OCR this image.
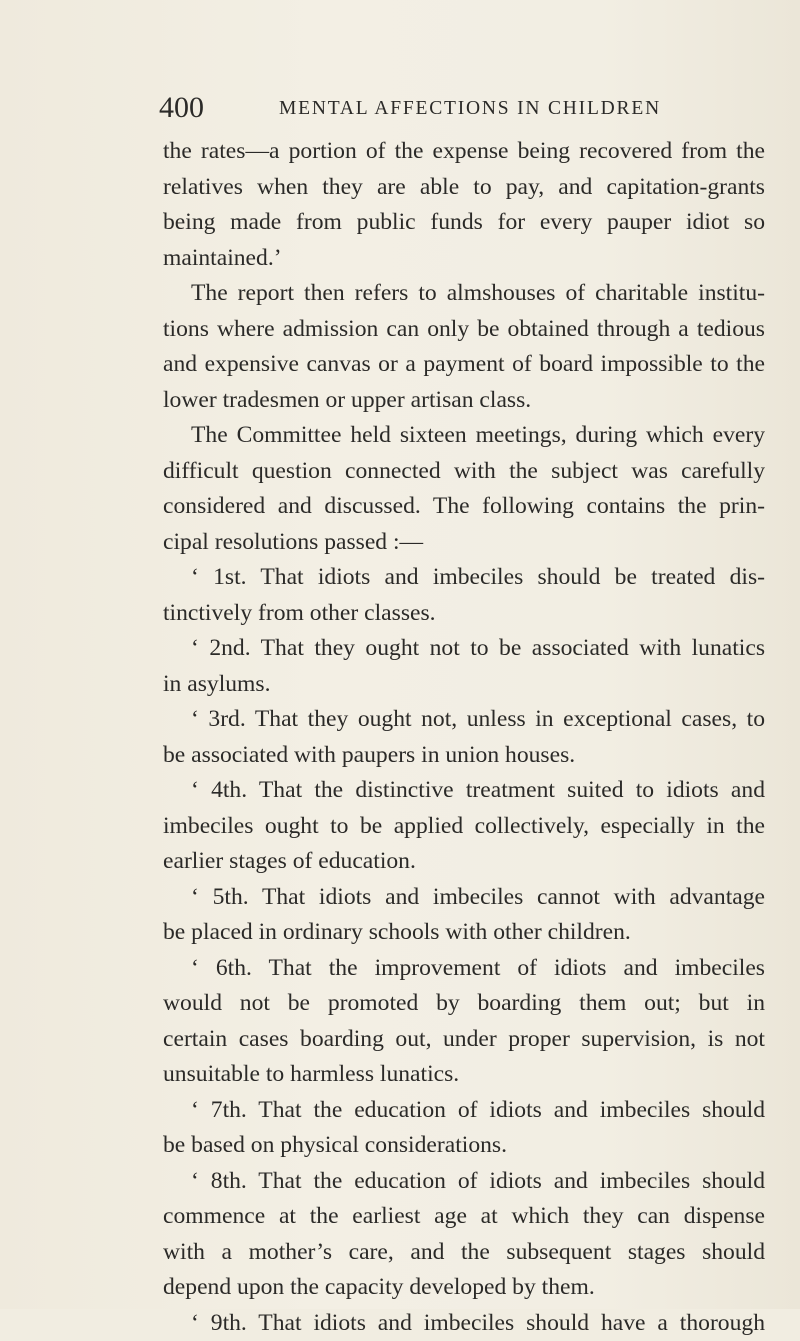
400	MENTAL AFFECTIONS IN CHILDREN
the rates—a portion of the expense being recovered from the
relatives when they are able to pay, and capitation-grants
being made from public funds for every pauper idiot so
maintained.’
The report then refers to almshouses of charitable institu-
tions where admission can only be obtained through a tedious
and expensive canvas or a payment of board impossible to the
lower tradesmen or upper artisan class.
The Committee held sixteen meetings, during which every
difficult question connected with the subject was carefully
considered and discussed. The following contains the prin-
cipal resolutions passed :—
‘ 1st. That idiots and imbeciles should be treated dis-
tinctively from other classes.
‘ 2nd. That they ought not to be associated with lunatics
in asylums.
‘ 3rd. That they ought not, unless in exceptional cases, to
be associated with paupers in union houses.
‘ 4th. That the distinctive treatment suited to idiots and
imbeciles ought to be applied collectively, especially in the
earlier stages of education.
‘ 5th. That idiots and imbeciles cannot with advantage
be placed in ordinary schools with other children.
‘ 6th. That the improvement of idiots and imbeciles
would not be promoted by boarding them out; but in
certain cases boarding out, under proper supervision, is not
unsuitable to harmless lunatics.
‘ 7th. That the education of idiots and imbeciles should
be based on physical considerations.
‘ 8th. That the education of idiots and imbeciles should
commence at the earliest age at which they can dispense
with a mother’s care, and the subsequent stages should
depend upon the capacity developed by them.
‘ 9th. That idiots and imbeciles should have a thorough
